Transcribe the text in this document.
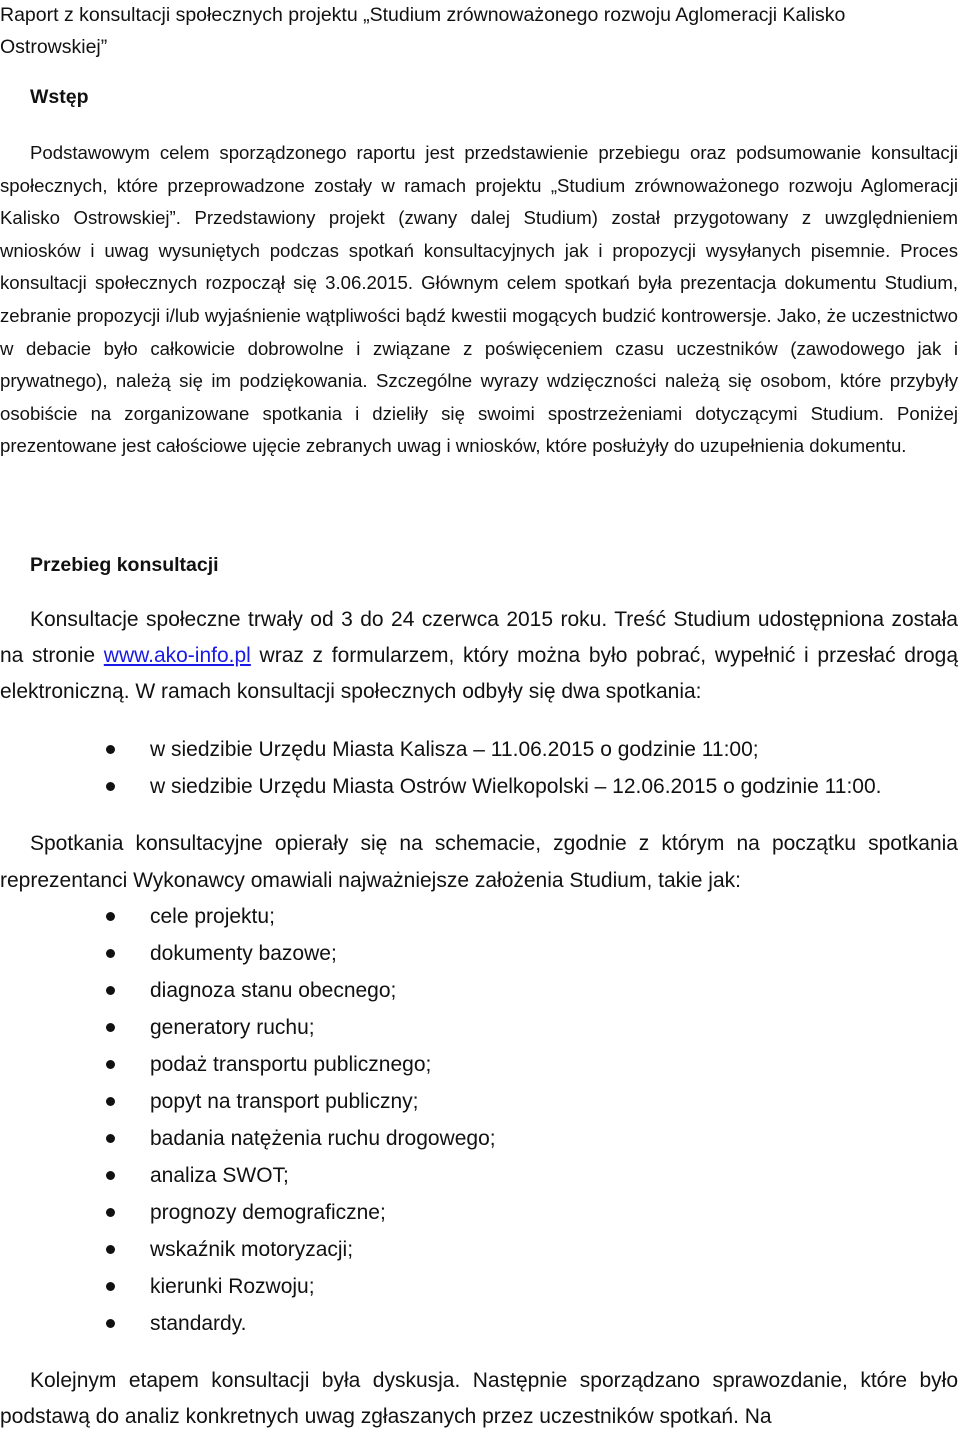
Raport z konsultacji społecznych projektu „Studium zrównoważonego rozwoju Aglomeracji Kalisko
Ostrowskiej”
Wstęp

Podstawowym celem sporządzonego raportu jest przedstawienie przebiegu oraz podsumowanie konsultacji społecznych, które przeprowadzone zostały w ramach projektu „Studium zrównoważonego rozwoju Aglomeracji Kalisko Ostrowskiej”. Przedstawiony projekt (zwany dalej Studium) został przygotowany z uwzględnieniem wniosków i uwag wysuniętych podczas spotkań konsultacyjnych jak i propozycji wysyłanych pisemnie. Proces konsultacji społecznych rozpoczął się 3.06.2015. Głównym celem spotkań była prezentacja dokumentu Studium, zebranie propozycji i/lub wyjaśnienie wątpliwości bądź kwestii mogących budzić kontrowersje. Jako, że uczestnictwo w debacie było całkowicie dobrowolne i związane z poświęceniem czasu uczestników (zawodowego jak i prywatnego), należą się im podziękowania. Szczególne wyrazy wdzięczności należą się osobom, które przybyły osobiście na zorganizowane spotkania i dzieliły się swoimi spostrzeżeniami dotyczącymi Studium. Poniżej prezentowane jest całościowe ujęcie zebranych uwag i wniosków, które posłużyły do uzupełnienia dokumentu.

Przebieg konsultacji

Konsultacje społeczne trwały od 3 do 24 czerwca 2015 roku. Treść Studium udostępniona została na stronie www.ako-info.pl wraz z formularzem, który można było pobrać, wypełnić i przesłać drogą elektroniczną. W ramach konsultacji społecznych odbyły się dwa spotkania:

w siedzibie Urzędu Miasta Kalisza – 11.06.2015 o godzinie 11:00;
w siedzibie Urzędu Miasta Ostrów Wielkopolski – 12.06.2015 o godzinie 11:00.

Spotkania konsultacyjne opierały się na schemacie, zgodnie z którym na początku spotkania reprezentanci Wykonawcy omawiali najważniejsze założenia Studium, takie jak:

cele projektu;
dokumenty bazowe;
diagnoza stanu obecnego;
generatory ruchu;
podaż transportu publicznego;
popyt na transport publiczny;
badania natężenia ruchu drogowego;
analiza SWOT;
prognozy demograficzne;
wskaźnik motoryzacji;
kierunki Rozwoju;
standardy.

Kolejnym etapem konsultacji była dyskusja. Następnie sporządzano sprawozdanie, które było podstawą do analiz konkretnych uwag zgłaszanych przez uczestników spotkań. Na
